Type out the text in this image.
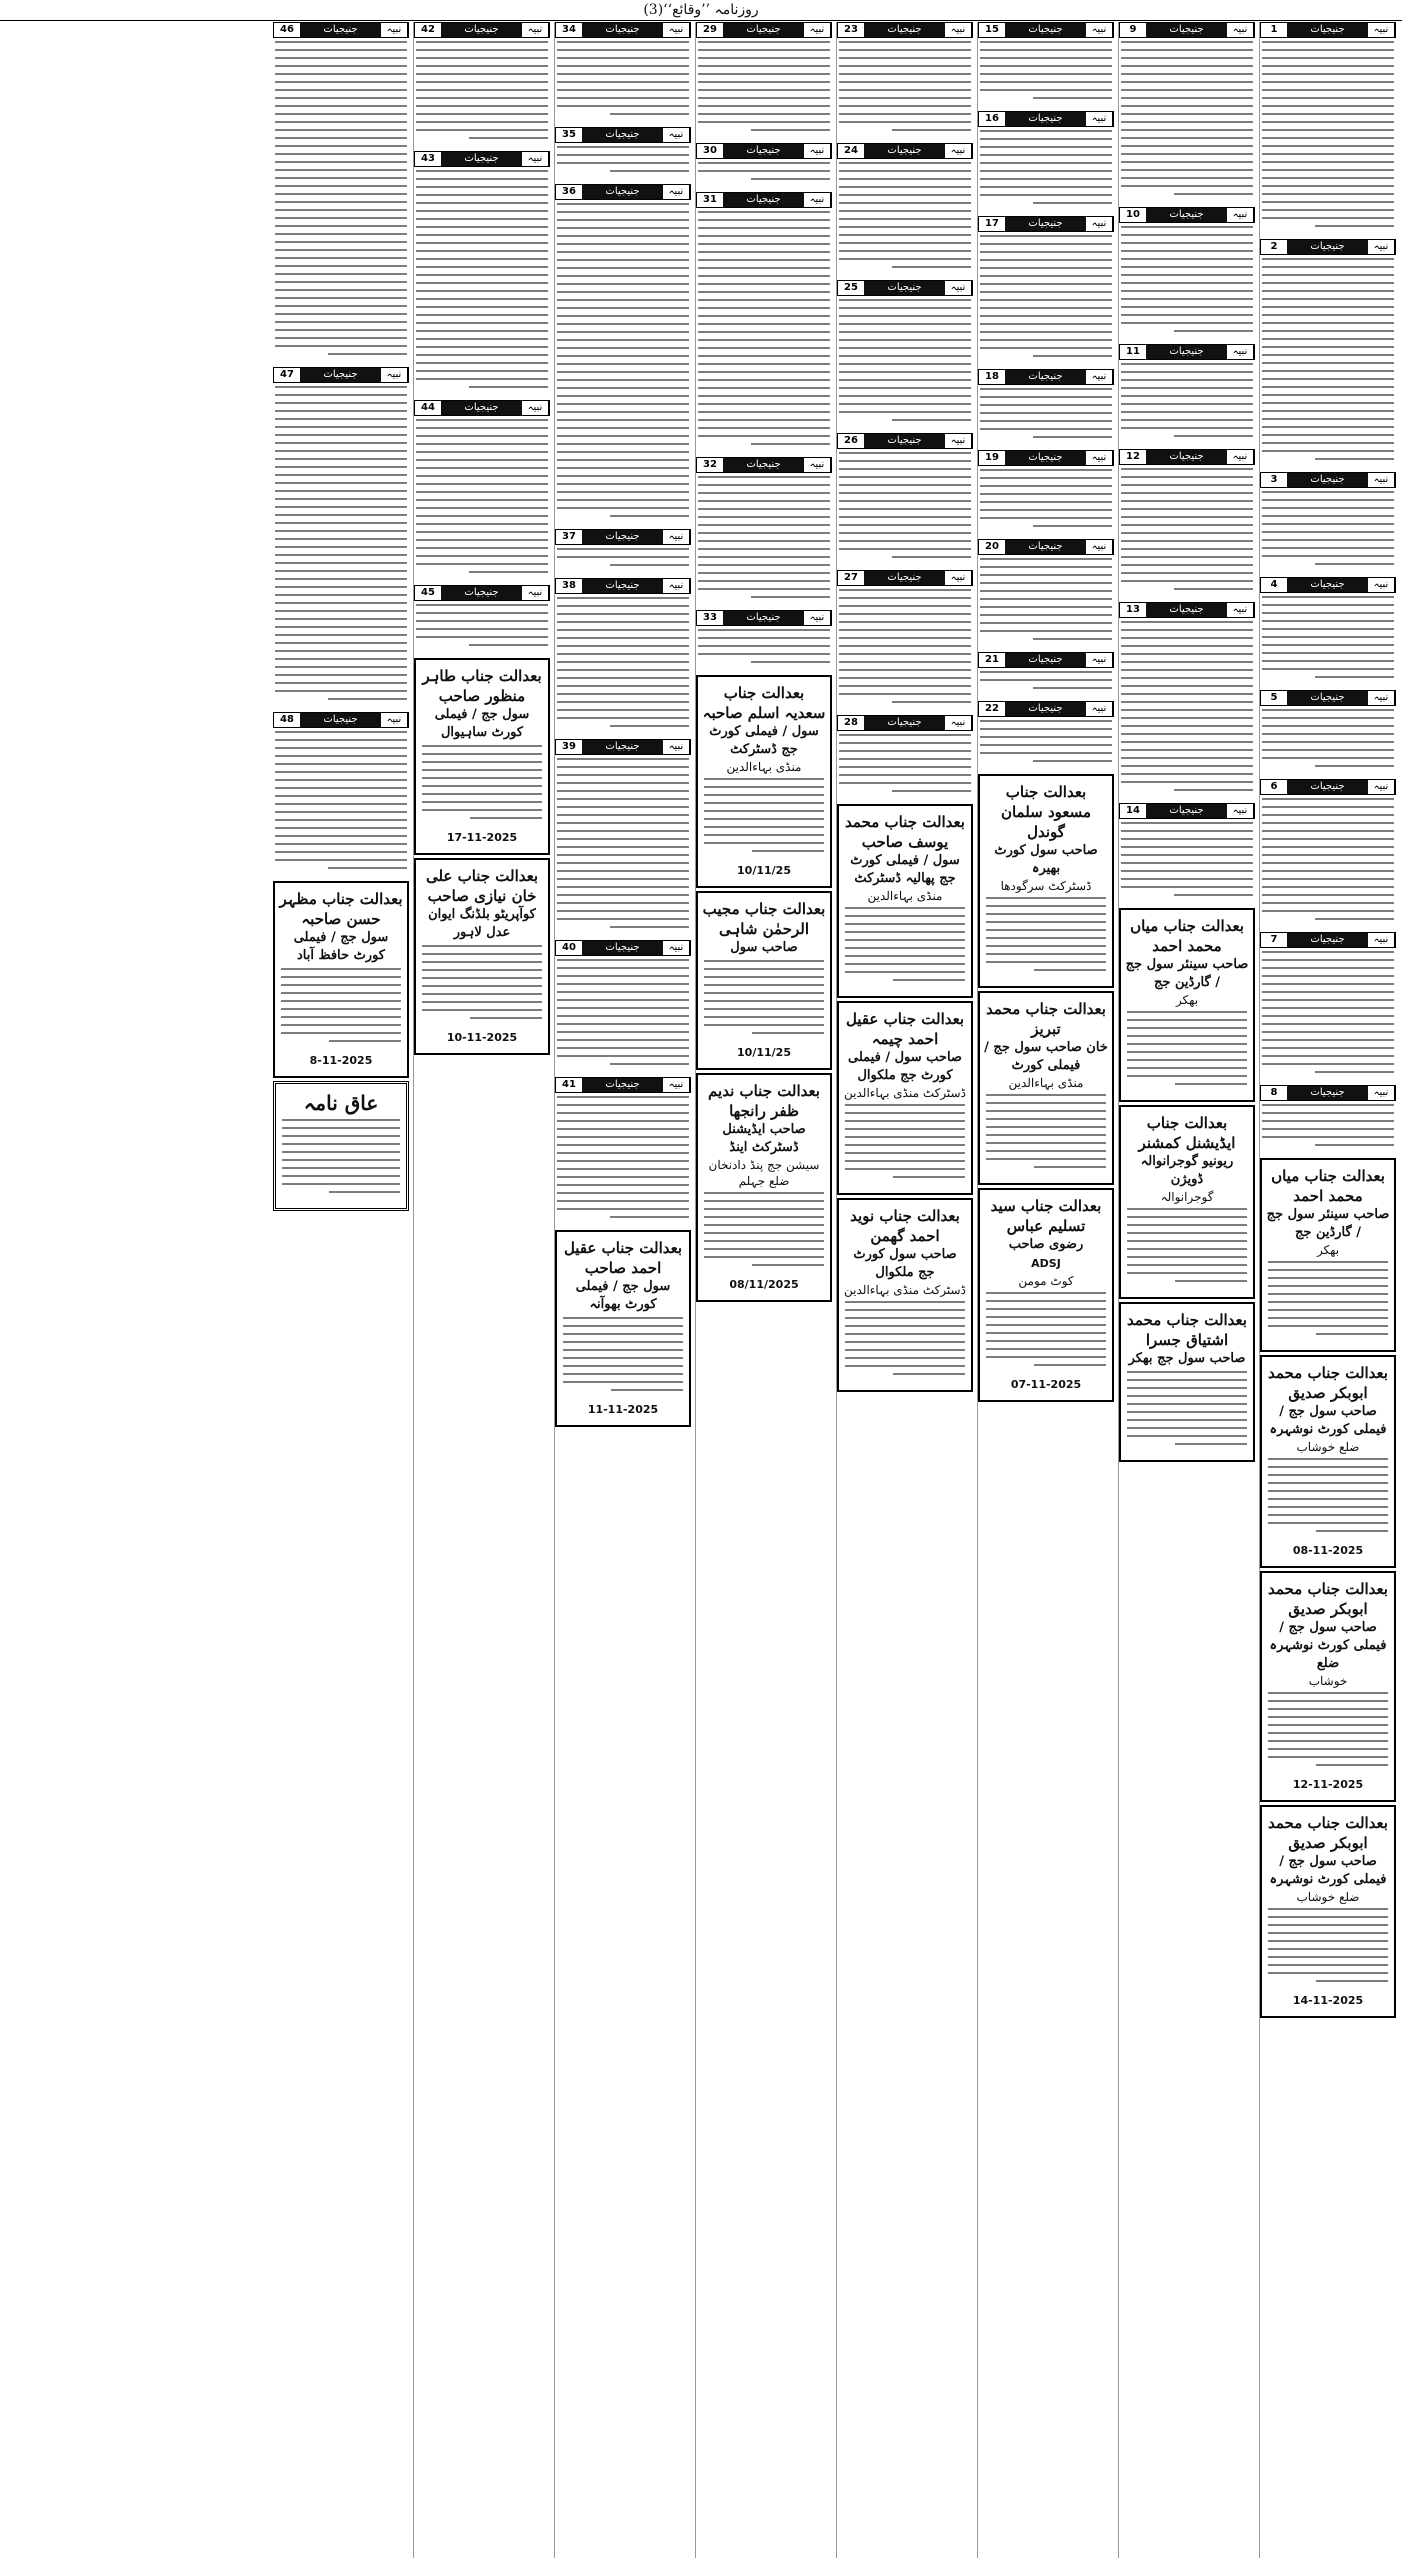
روزنامہ ’’وقائع‘‘(3)
1	جنیجیات	نبیہ
2	جنیجیات	نبیہ
3	جنیجیات	نبیہ
4	جنیجیات	نبیہ
5	جنیجیات	نبیہ
6	جنیجیات	نبیہ
7	جنیجیات	نبیہ
8	جنیجیات	نبیہ
بعدالت جناب میاں محمد احمد
صاحب سینئر سول جج / گارڈین جج
بھکر
بعدالت جناب محمد ابوبکر صدیق
صاحب سول جج / فیملی کورٹ نوشہرہ
ضلع خوشاب
08-11-2025
بعدالت جناب محمد ابوبکر صدیق
صاحب سول جج / فیملی کورٹ نوشہرہ ضلع
خوشاب
12-11-2025
بعدالت جناب محمد ابوبکر صدیق
صاحب سول جج / فیملی کورٹ نوشہرہ
ضلع خوشاب
14-11-2025
9	جنیجیات	نبیہ
10	جنیجیات	نبیہ
11	جنیجیات	نبیہ
12	جنیجیات	نبیہ
13	جنیجیات	نبیہ
14	جنیجیات	نبیہ
بعدالت جناب میاں محمد احمد
صاحب سینئر سول جج / گارڈین جج
بھکر
بعدالت جناب ایڈیشنل کمشنر
ریونیو گوجرانوالہ ڈویژن
گوجرانوالہ
بعدالت جناب محمد اشتیاق جسرا
صاحب سول جج بھکر
15	جنیجیات	نبیہ
16	جنیجیات	نبیہ
17	جنیجیات	نبیہ
18	جنیجیات	نبیہ
19	جنیجیات	نبیہ
20	جنیجیات	نبیہ
21	جنیجیات	نبیہ
22	جنیجیات	نبیہ
بعدالت جناب مسعود سلمان گوندل
صاحب سول کورٹ بھیرہ
ڈسٹرکٹ سرگودھا
بعدالت جناب محمد تبریز
خان صاحب سول جج / فیملی کورٹ
منڈی بہاءالدین
بعدالت جناب سید تسلیم عباس
رضوی صاحب
ADSJ
کوٹ مومن
07-11-2025
23	جنیجیات	نبیہ
24	جنیجیات	نبیہ
25	جنیجیات	نبیہ
26	جنیجیات	نبیہ
27	جنیجیات	نبیہ
28	جنیجیات	نبیہ
بعدالت جناب محمد یوسف صاحب
سول / فیملی کورٹ جج پھالیہ ڈسٹرکٹ
منڈی بہاءالدین
بعدالت جناب عقیل احمد چیمہ
صاحب سول / فیملی کورٹ جج ملکوال
ڈسٹرکٹ منڈی بہاءالدین
بعدالت جناب نوید احمد گھمن
صاحب سول کورٹ جج ملکوال
ڈسٹرکٹ منڈی بہاءالدین
29	جنیجیات	نبیہ
30	جنیجیات	نبیہ
31	جنیجیات	نبیہ
32	جنیجیات	نبیہ
33	جنیجیات	نبیہ
بعدالت جناب سعدیہ اسلم صاحبہ
سول / فیملی کورٹ جج ڈسٹرکٹ
منڈی بہاءالدین
10/11/25
بعدالت جناب مجیب الرحمٰن شاہی
صاحب سول
10/11/25
بعدالت جناب ندیم ظفر رانجھا
صاحب ایڈیشنل ڈسٹرکٹ اینڈ
سیشن جج پنڈ دادنخان ضلع جہلم
08/11/2025
34	جنیجیات	نبیہ
35	جنیجیات	نبیہ
36	جنیجیات	نبیہ
37	جنیجیات	نبیہ
38	جنیجیات	نبیہ
39	جنیجیات	نبیہ
40	جنیجیات	نبیہ
41	جنیجیات	نبیہ
بعدالت جناب عقیل احمد صاحب
سول جج / فیملی کورٹ بھوآنہ
11-11-2025
42	جنیجیات	نبیہ
43	جنیجیات	نبیہ
44	جنیجیات	نبیہ
45	جنیجیات	نبیہ
بعدالت جناب طاہر منظور صاحب
سول جج / فیملی کورٹ ساہیوال
17-11-2025
بعدالت جناب علی خان نیازی صاحب
کوآپریٹو بلڈنگ ایوان عدل لاہور
10-11-2025
46	جنیجیات	نبیہ
47	جنیجیات	نبیہ
48	جنیجیات	نبیہ
بعدالت جناب مظہر حسن صاحبہ
سول جج / فیملی کورٹ حافظ آباد
8-11-2025
عاق نامہ
